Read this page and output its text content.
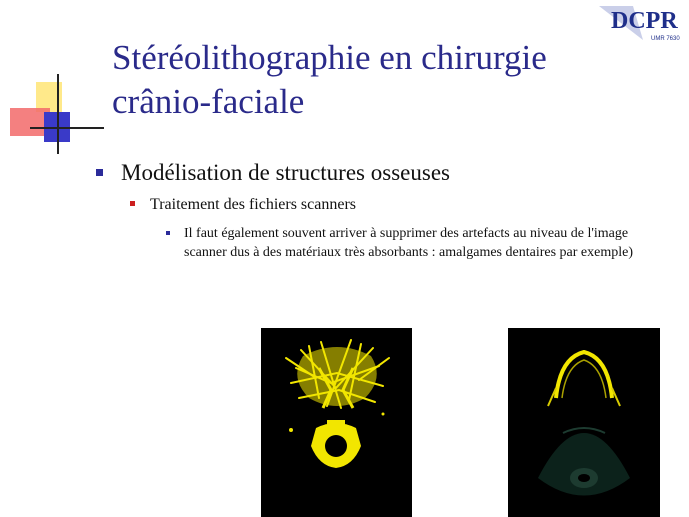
DCPR
UMR 7630
Stéréolithographie en chirurgie
crânio-faciale
Modélisation de structures osseuses
Traitement des fichiers scanners
Il faut également souvent arriver à supprimer des artefacts au niveau de l'image scanner dus à des matériaux très absorbants : amalgames dentaires par exemple)
